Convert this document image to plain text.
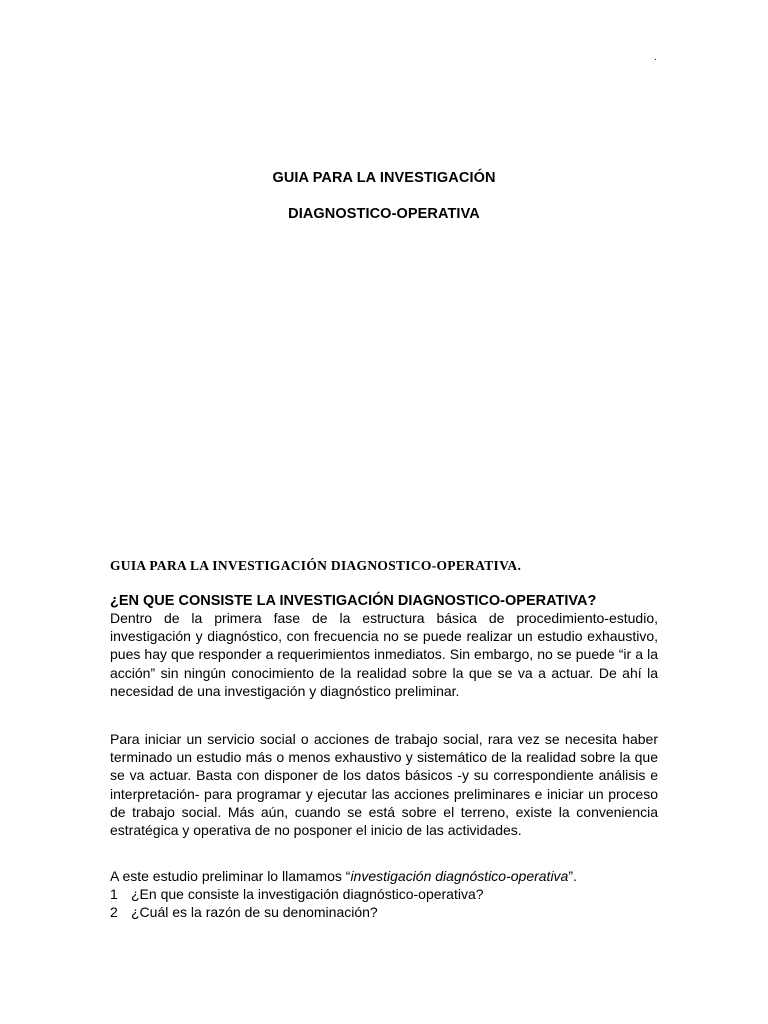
.
GUIA PARA LA INVESTIGACIÓN
DIAGNOSTICO-OPERATIVA
GUIA PARA LA INVESTIGACIÓN DIAGNOSTICO-OPERATIVA.
¿EN QUE CONSISTE LA INVESTIGACIÓN DIAGNOSTICO-OPERATIVA?

Dentro de la primera fase de la estructura básica de procedimiento-estudio, investigación y diagnóstico, con frecuencia no se puede realizar un estudio exhaustivo, pues hay que responder a requerimientos inmediatos. Sin embargo, no se puede “ir a la acción” sin ningún conocimiento de la realidad sobre la que se va a actuar. De ahí la necesidad de una investigación y diagnóstico preliminar.

Para iniciar un servicio social o acciones de trabajo social, rara vez se necesita haber terminado un estudio más o menos exhaustivo y sistemático de la realidad sobre la que se va actuar. Basta con disponer de los datos básicos -y su correspondiente análisis e interpretación- para programar y ejecutar las acciones preliminares e iniciar un proceso de trabajo social. Más aún, cuando se está sobre el terreno, existe la conveniencia estratégica y operativa de no posponer el inicio de las actividades.

A este estudio preliminar lo llamamos “investigación diagnóstico-operativa”.
1 ¿En que consiste la investigación diagnóstico-operativa?
2 ¿Cuál es la razón de su denominación?
